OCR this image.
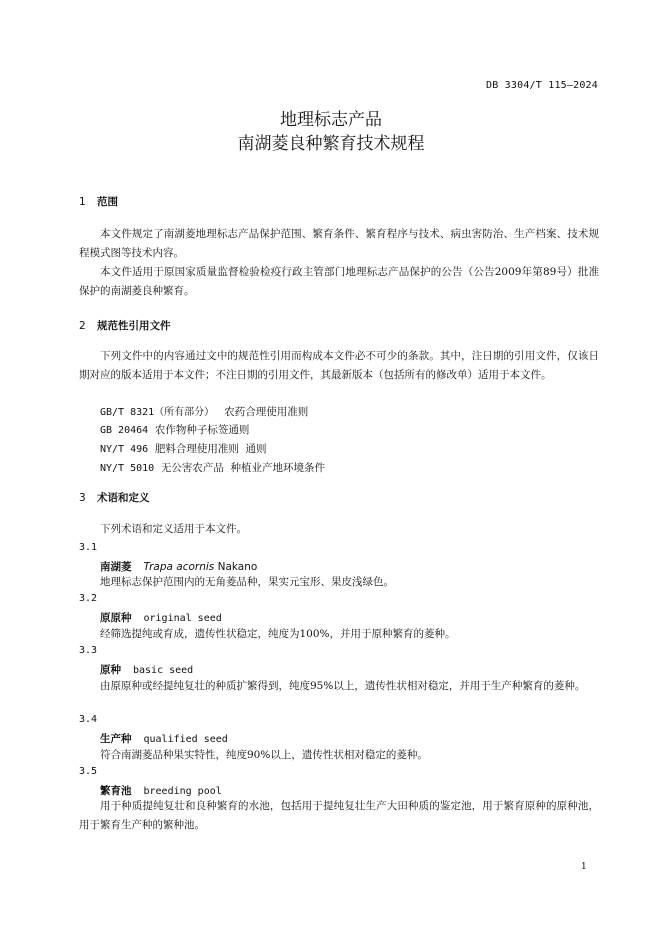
DB 3304/T 115—2024
地理标志产品
南湖菱良种繁育技术规程
1 范围
本文件规定了南湖菱地理标志产品保护范围、繁育条件、繁育程序与技术、病虫害防治、生产档案、技术规程模式图等技术内容。
本文件适用于原国家质量监督检验检疫行政主管部门地理标志产品保护的公告（公告2009年第89号）批准保护的南湖菱良种繁育。
2 规范性引用文件
下列文件中的内容通过文中的规范性引用而构成本文件必不可少的条款。其中，注日期的引用文件，仅该日期对应的版本适用于本文件；不注日期的引用文件，其最新版本（包括所有的修改单）适用于本文件。
GB/T 8321（所有部分） 农药合理使用准则
GB 20464 农作物种子标签通则
NY/T 496 肥料合理使用准则  通则
NY/T 5010 无公害农产品  种植业产地环境条件
3 术语和定义
下列术语和定义适用于本文件。
3.1
南湖菱 Trapa acornis Nakano
地理标志保护范围内的无角菱品种，果实元宝形、果皮浅绿色。
3.2
原原种 original seed
经筛选提纯或育成，遗传性状稳定，纯度为100%，并用于原种繁育的菱种。
3.3
原种 basic seed
由原原种或经提纯复壮的种质扩繁得到，纯度95%以上，遗传性状相对稳定，并用于生产种繁育的菱种。
3.4
生产种 qualified seed
符合南湖菱品种果实特性，纯度90%以上，遗传性状相对稳定的菱种。
3.5
繁育池 breeding pool
用于种质提纯复壮和良种繁育的水池，包括用于提纯复壮生产大田种质的鉴定池，用于繁育原种的原种池，用于繁育生产种的繁种池。
1
